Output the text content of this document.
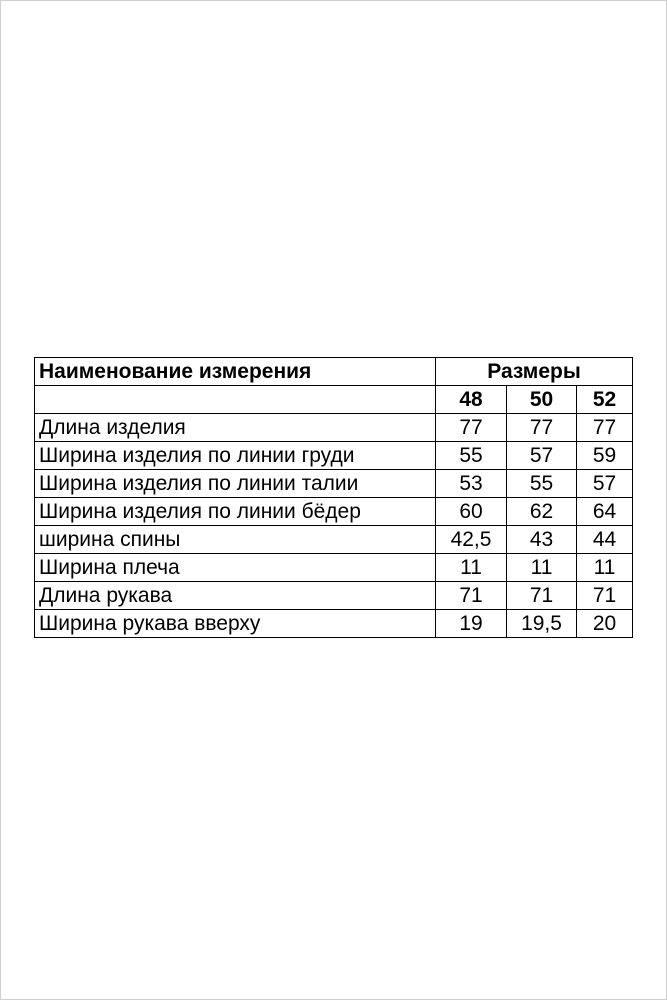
Наименование измерения	Размеры		
	48	50	52
Длина изделия	77	77	77
Ширина изделия по линии груди	55	57	59
Ширина изделия по линии талии	53	55	57
Ширина изделия по линии бёдер	60	62	64
ширина спины	42,5	43	44
Ширина плеча	11	11	11
Длина рукава	71	71	71
Ширина рукава вверху	19	19,5	20
